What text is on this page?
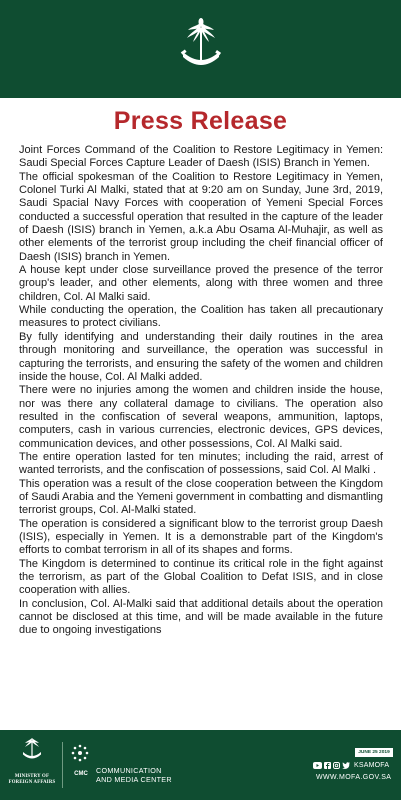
Press Release

Joint Forces Command of the Coalition to Restore Legitimacy in Yemen: Saudi Special Forces Capture Leader of Daesh (ISIS) Branch in Yemen.

The official spokesman of the Coalition to Restore Legitimacy in Yemen, Colonel Turki Al Malki, stated that at 9:20 am on Sunday, June 3rd, 2019, Saudi Spacial Navy Forces with cooperation of Yemeni Special Forces conducted a successful operation that resulted in the capture of the leader of Daesh (ISIS) branch in Yemen, a.k.a Abu Osama Al-Muhajir, as well as other elements of the terrorist group including the cheif financial officer of Daesh (ISIS) branch in Yemen.

A house kept under close surveillance proved the presence of the terror group's leader, and other elements, along with three women and three children, Col. Al Malki said.

While conducting the operation, the Coalition has taken all precautionary measures to protect civilians.

By fully identifying and understanding their daily routines in the area through monitoring and surveillance, the operation was successful in capturing the terrorists, and ensuring the safety of the women and children inside the house, Col. Al Malki added.

There were no injuries among the women and children inside the house, nor was there any collateral damage to civilians. The operation also resulted in the confiscation of several weapons, ammunition, laptops, computers, cash in various currencies, electronic devices, GPS devices, communication devices, and other possessions, Col. Al Malki said.

The entire operation lasted for ten minutes; including the raid, arrest of wanted terrorists, and the confiscation of possessions, said Col. Al Malki .

This operation was a result of the close cooperation between the Kingdom of Saudi Arabia and the Yemeni government in combatting and dismantling terrorist groups, Col. Al-Malki stated.

The operation is considered a significant blow to the terrorist group Daesh (ISIS), especially in Yemen. It is a demonstrable part of the Kingdom's efforts to combat terrorism in all of its shapes and forms.

The Kingdom is determined to continue its critical role in the fight against the terrorism, as part of the Global Coalition to Defat ISIS, and in close cooperation with allies.

In conclusion, Col. Al-Malki said that additional details about the operation cannot be disclosed at this time, and will be made available in the future due to ongoing investigations

MINISTRY OF
FOREIGN AFFAIRS
CMC	COMMUNICATION
AND MEDIA CENTER
JUNE 25 2019
KSAMOFA
WWW.MOFA.GOV.SA
